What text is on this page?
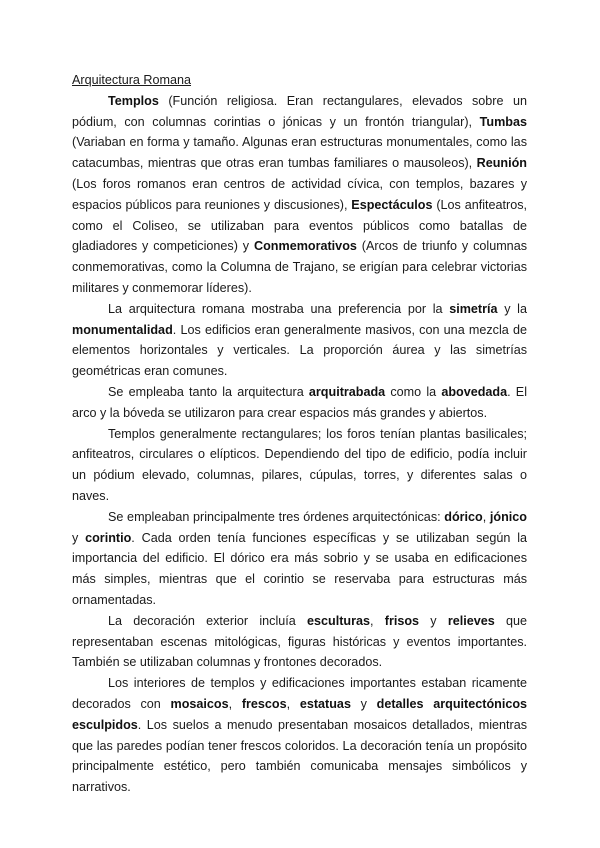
Arquitectura Romana

Templos (Función religiosa. Eran rectangulares, elevados sobre un pódium, con columnas corintias o jónicas y un frontón triangular), Tumbas (Variaban en forma y tamaño. Algunas eran estructuras monumentales, como las catacumbas, mientras que otras eran tumbas familiares o mausoleos), Reunión (Los foros romanos eran centros de actividad cívica, con templos, bazares y espacios públicos para reuniones y discusiones), Espectáculos (Los anfiteatros, como el Coliseo, se utilizaban para eventos públicos como batallas de gladiadores y competiciones) y Conmemorativos (Arcos de triunfo y columnas conmemorativas, como la Columna de Trajano, se erigían para celebrar victorias militares y conmemorar líderes).

La arquitectura romana mostraba una preferencia por la simetría y la monumentalidad. Los edificios eran generalmente masivos, con una mezcla de elementos horizontales y verticales. La proporción áurea y las simetrías geométricas eran comunes.

Se empleaba tanto la arquitectura arquitrabada como la abovedada. El arco y la bóveda se utilizaron para crear espacios más grandes y abiertos.

Templos generalmente rectangulares; los foros tenían plantas basilicales; anfiteatros, circulares o elípticos. Dependiendo del tipo de edificio, podía incluir un pódium elevado, columnas, pilares, cúpulas, torres, y diferentes salas o naves.

Se empleaban principalmente tres órdenes arquitectónicas: dórico, jónico y corintio. Cada orden tenía funciones específicas y se utilizaban según la importancia del edificio. El dórico era más sobrio y se usaba en edificaciones más simples, mientras que el corintio se reservaba para estructuras más ornamentadas.

La decoración exterior incluía esculturas, frisos y relieves que representaban escenas mitológicas, figuras históricas y eventos importantes. También se utilizaban columnas y frontones decorados.

Los interiores de templos y edificaciones importantes estaban ricamente decorados con mosaicos, frescos, estatuas y detalles arquitectónicos esculpidos. Los suelos a menudo presentaban mosaicos detallados, mientras que las paredes podían tener frescos coloridos. La decoración tenía un propósito principalmente estético, pero también comunicaba mensajes simbólicos y narrativos.
